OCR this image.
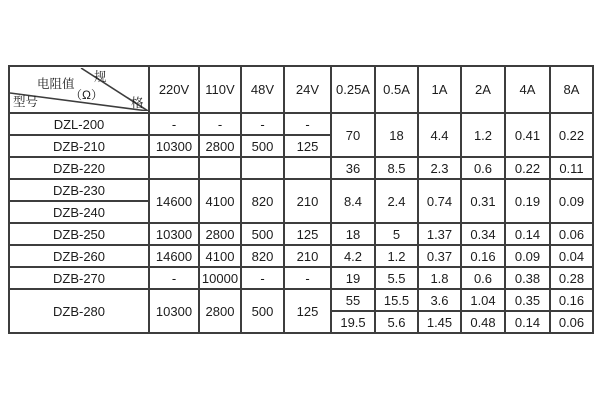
规
格
电阻值
（Ω）
型号	220V	110V	48V	24V	0.25A	0.5A	1A	2A	4A	8A
DZL-200	-	-	-	-	70	18	4.4	1.2	0.41	0.22
DZB-210	10300	2800	500	125						
DZB-220					36	8.5	2.3	0.6	0.22	0.11
DZB-230	14600	4100	820	210	8.4	2.4	0.74	0.31	0.19	0.09
DZB-240										
DZB-250	10300	2800	500	125	18	5	1.37	0.34	0.14	0.06
DZB-260	14600	4100	820	210	4.2	1.2	0.37	0.16	0.09	0.04
DZB-270	-	10000	-	-	19	5.5	1.8	0.6	0.38	0.28
DZB-280	10300	2800	500	125	55	15.5	3.6	1.04	0.35	0.16
					19.5	5.6	1.45	0.48	0.14	0.06
